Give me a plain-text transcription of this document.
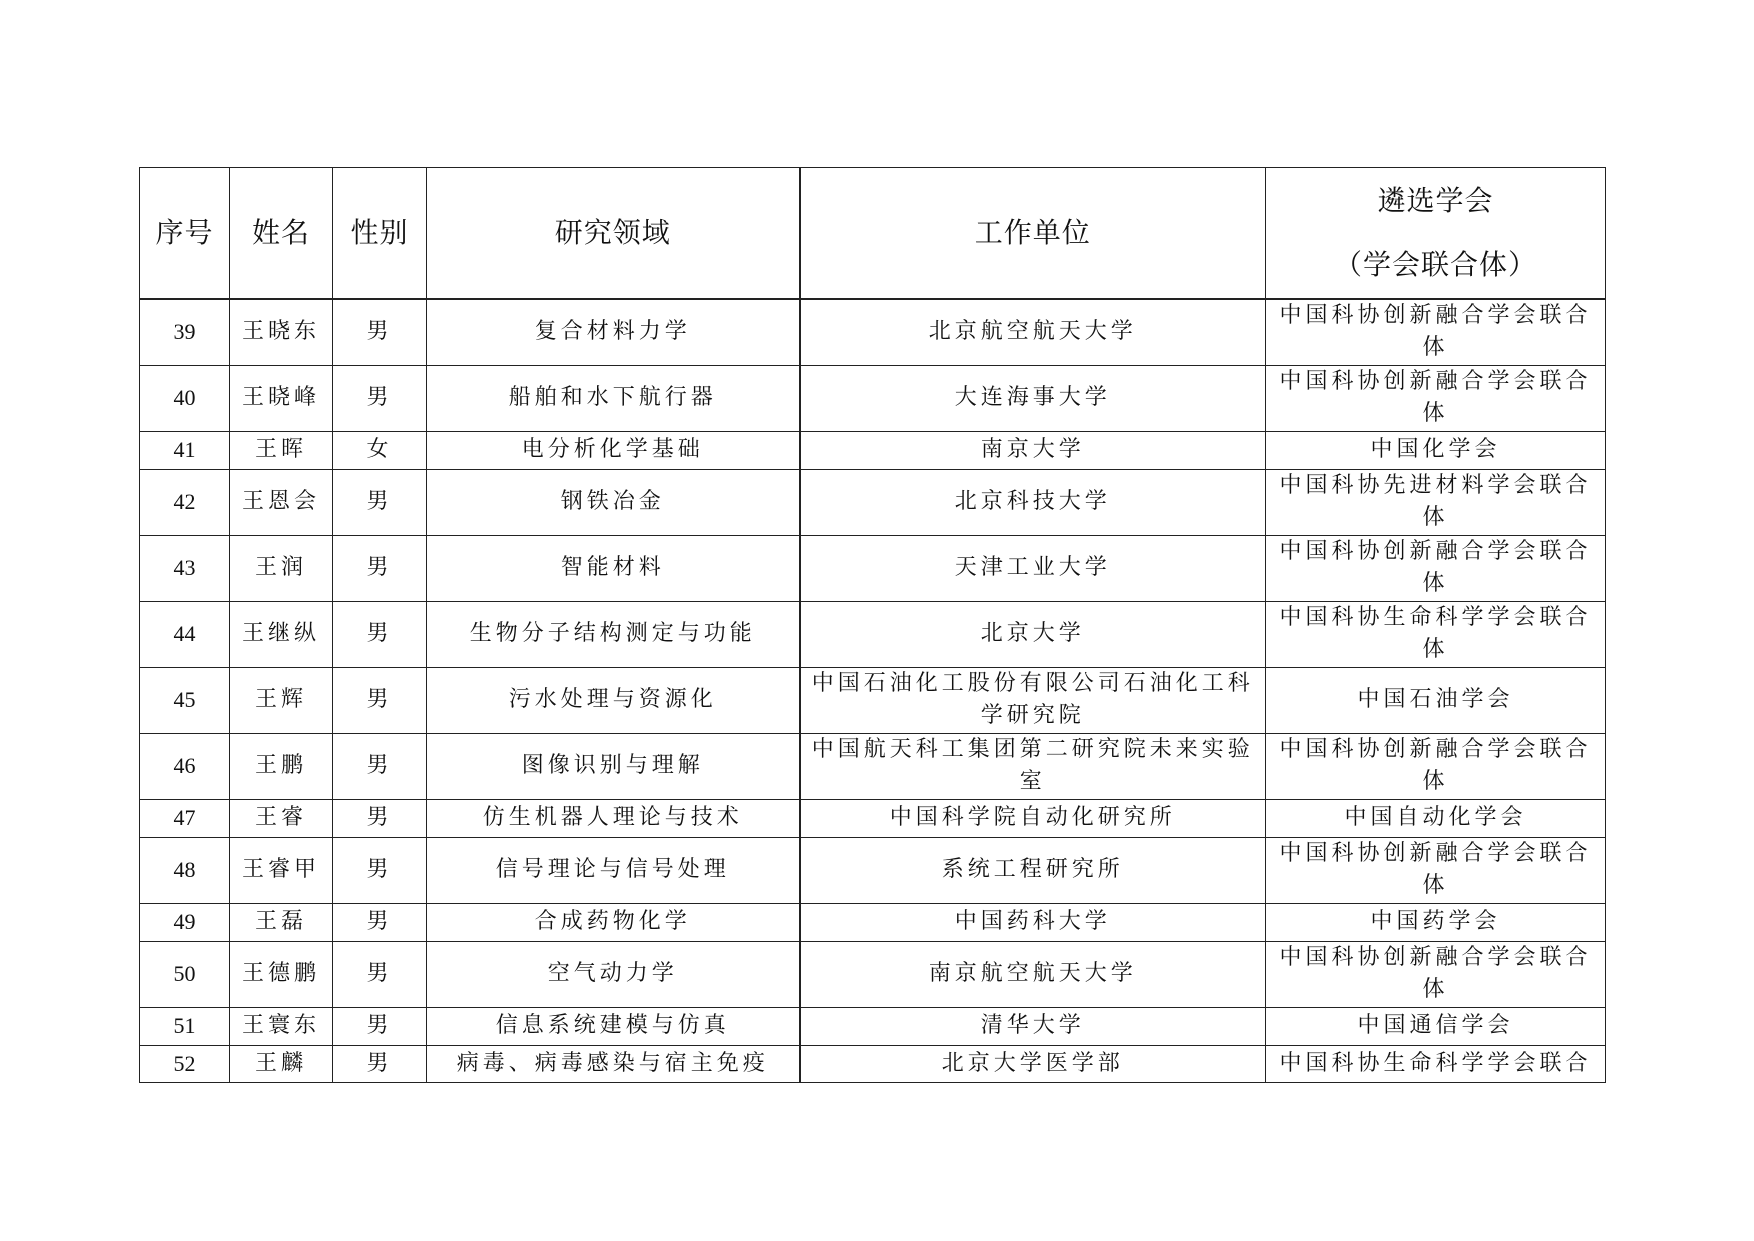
序号	姓名	性别	研究领域	工作单位	遴选学会
（学会联合体）

39	王晓东	男	复合材料力学	北京航空航天大学	中国科协创新融合学会联合体
40	王晓峰	男	船舶和水下航行器	大连海事大学	中国科协创新融合学会联合体
41	王晖	女	电分析化学基础	南京大学	中国化学会
42	王恩会	男	钢铁冶金	北京科技大学	中国科协先进材料学会联合体
43	王润	男	智能材料	天津工业大学	中国科协创新融合学会联合体
44	王继纵	男	生物分子结构测定与功能	北京大学	中国科协生命科学学会联合体
45	王辉	男	污水处理与资源化	中国石油化工股份有限公司石油化工科学研究院	中国石油学会
46	王鹏	男	图像识别与理解	中国航天科工集团第二研究院未来实验室	中国科协创新融合学会联合体
47	王睿	男	仿生机器人理论与技术	中国科学院自动化研究所	中国自动化学会
48	王睿甲	男	信号理论与信号处理	系统工程研究所	中国科协创新融合学会联合体
49	王磊	男	合成药物化学	中国药科大学	中国药学会
50	王德鹏	男	空气动力学	南京航空航天大学	中国科协创新融合学会联合体
51	王寰东	男	信息系统建模与仿真	清华大学	中国通信学会
52	王麟	男	病毒、病毒感染与宿主免疫	北京大学医学部	中国科协生命科学学会联合
